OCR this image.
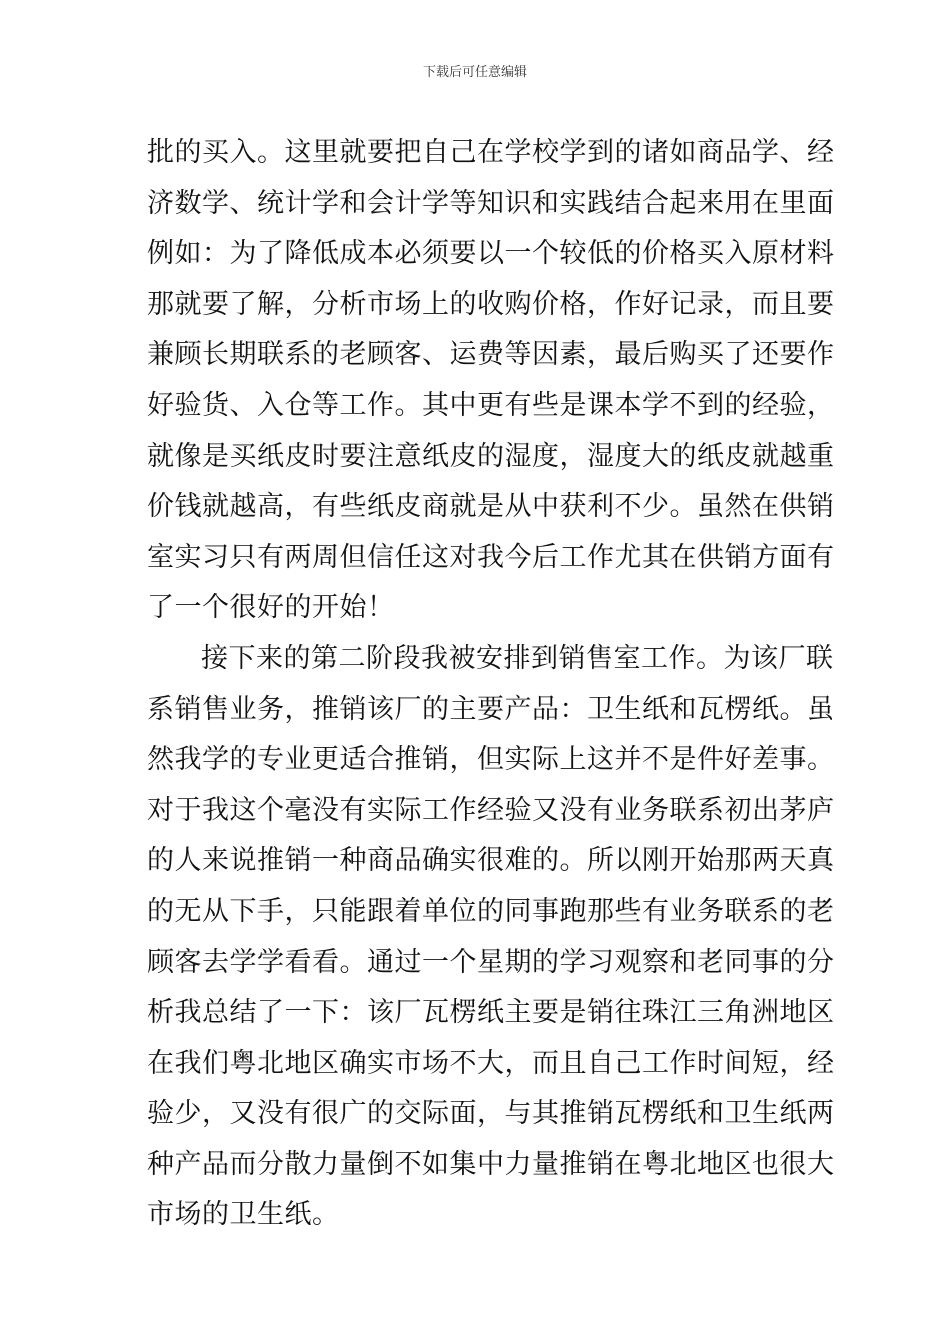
下载后可任意编辑
批的买入。这里就要把自己在学校学到的诸如商品学、经
济数学、统计学和会计学等知识和实践结合起来用在里面
例如：为了降低成本必须要以一个较低的价格买入原材料
那就要了解，分析市场上的收购价格，作好记录，而且要
兼顾长期联系的老顾客、运费等因素，最后购买了还要作
好验货、入仓等工作。其中更有些是课本学不到的经验，
就像是买纸皮时要注意纸皮的湿度，湿度大的纸皮就越重
价钱就越高，有些纸皮商就是从中获利不少。虽然在供销
室实习只有两周但信任这对我今后工作尤其在供销方面有
了一个很好的开始！
接下来的第二阶段我被安排到销售室工作。为该厂联
系销售业务，推销该厂的主要产品：卫生纸和瓦楞纸。虽
然我学的专业更适合推销，但实际上这并不是件好差事。
对于我这个毫没有实际工作经验又没有业务联系初出茅庐
的人来说推销一种商品确实很难的。所以刚开始那两天真
的无从下手，只能跟着单位的同事跑那些有业务联系的老
顾客去学学看看。通过一个星期的学习观察和老同事的分
析我总结了一下：该厂瓦楞纸主要是销往珠江三角洲地区
在我们粤北地区确实市场不大，而且自己工作时间短，经
验少，又没有很广的交际面，与其推销瓦楞纸和卫生纸两
种产品而分散力量倒不如集中力量推销在粤北地区也很大
市场的卫生纸。
